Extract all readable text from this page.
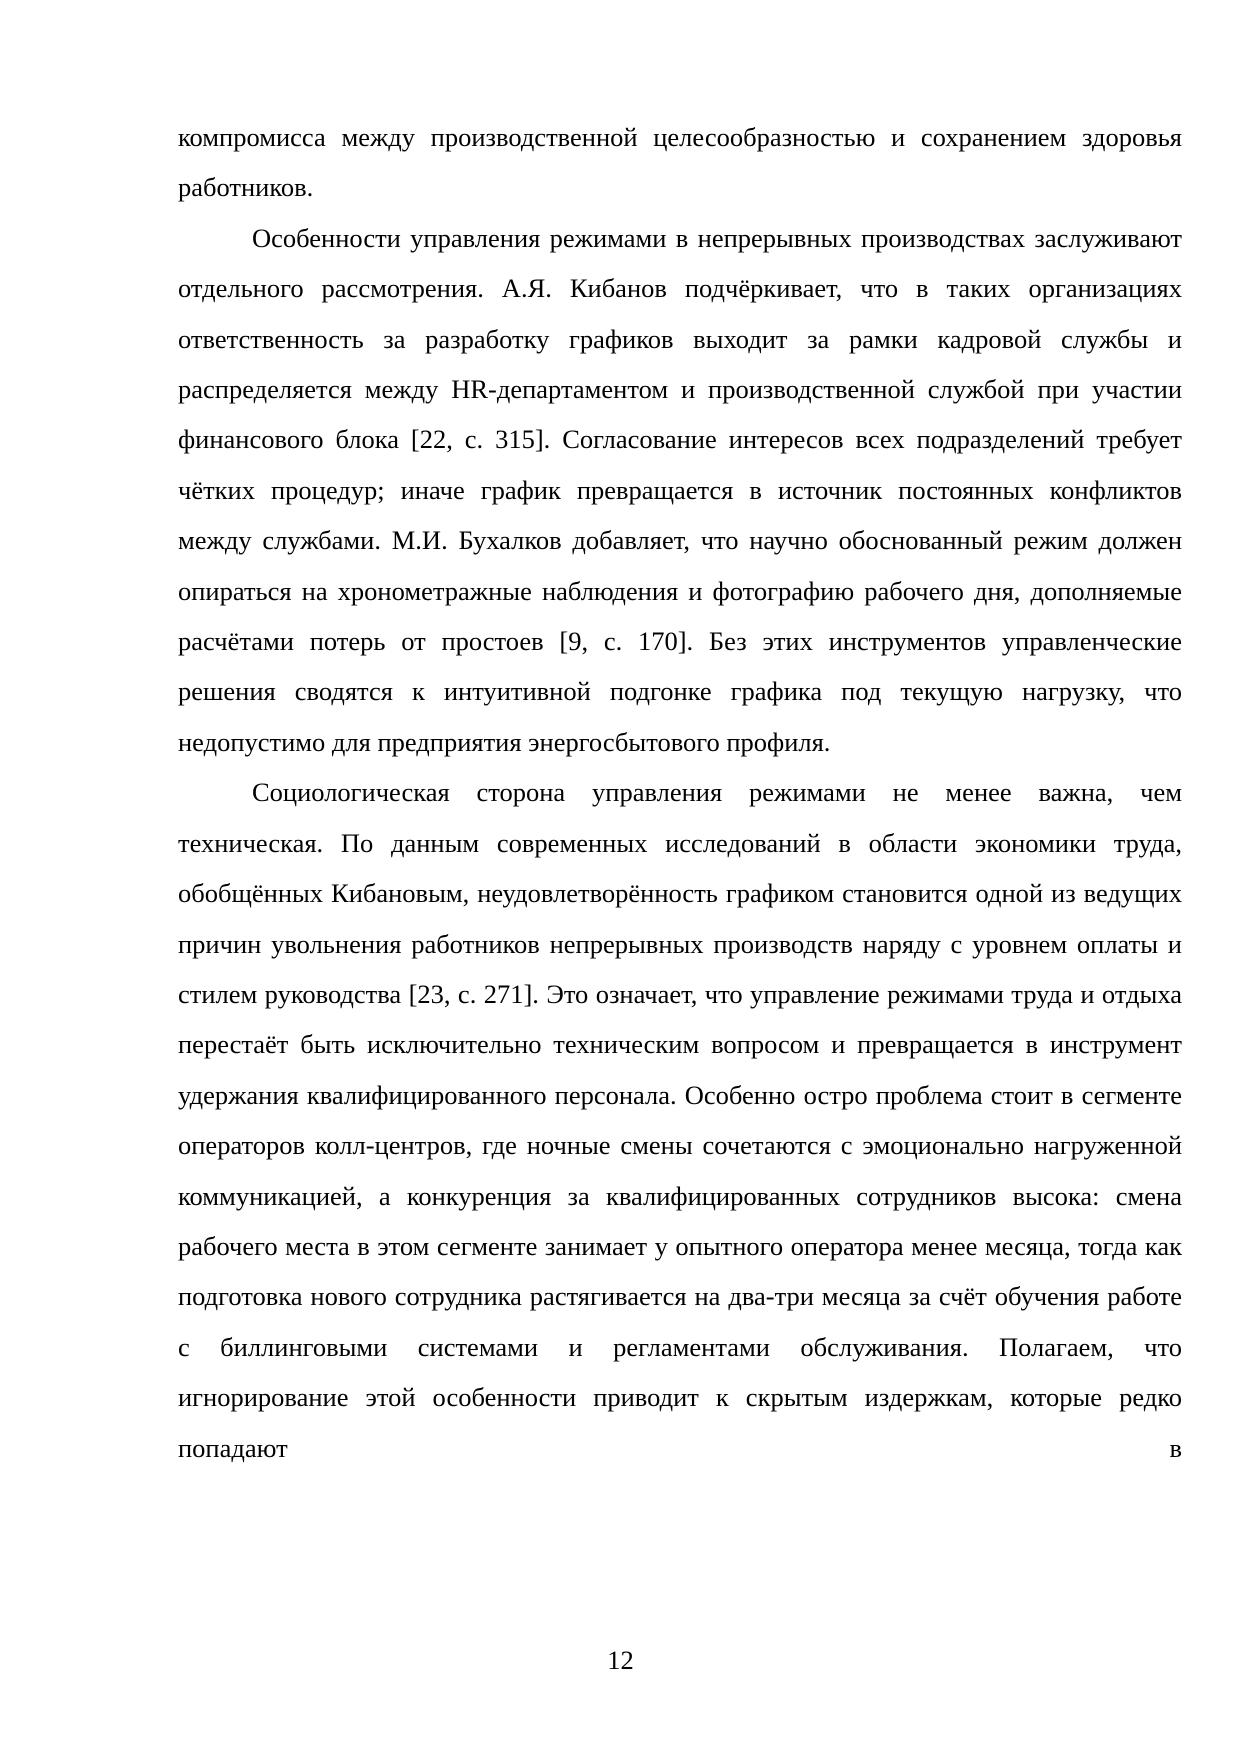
компромисса между производственной целесообразностью и сохранением здоровья работников.

Особенности управления режимами в непрерывных производствах заслуживают отдельного рассмотрения. А.Я. Кибанов подчёркивает, что в таких организациях ответственность за разработку графиков выходит за рамки кадровой службы и распределяется между HR-департаментом и производственной службой при участии финансового блока [22, с. 315]. Согласование интересов всех подразделений требует чётких процедур; иначе график превращается в источник постоянных конфликтов между службами. М.И. Бухалков добавляет, что научно обоснованный режим должен опираться на хронометражные наблюдения и фотографию рабочего дня, дополняемые расчётами потерь от простоев [9, с. 170]. Без этих инструментов управленческие решения сводятся к интуитивной подгонке графика под текущую нагрузку, что недопустимо для предприятия энергосбытового профиля.

Социологическая сторона управления режимами не менее важна, чем техническая. По данным современных исследований в области экономики труда, обобщённых Кибановым, неудовлетворённость графиком становится одной из ведущих причин увольнения работников непрерывных производств наряду с уровнем оплаты и стилем руководства [23, с. 271]. Это означает, что управление режимами труда и отдыха перестаёт быть исключительно техническим вопросом и превращается в инструмент удержания квалифицированного персонала. Особенно остро проблема стоит в сегменте операторов колл-центров, где ночные смены сочетаются с эмоционально нагруженной коммуникацией, а конкуренция за квалифицированных сотрудников высока: смена рабочего места в этом сегменте занимает у опытного оператора менее месяца, тогда как подготовка нового сотрудника растягивается на два-три месяца за счёт обучения работе с биллинговыми системами и регламентами обслуживания. Полагаем, что игнорирование этой особенности приводит к скрытым издержкам, которые редко попадают в

12
